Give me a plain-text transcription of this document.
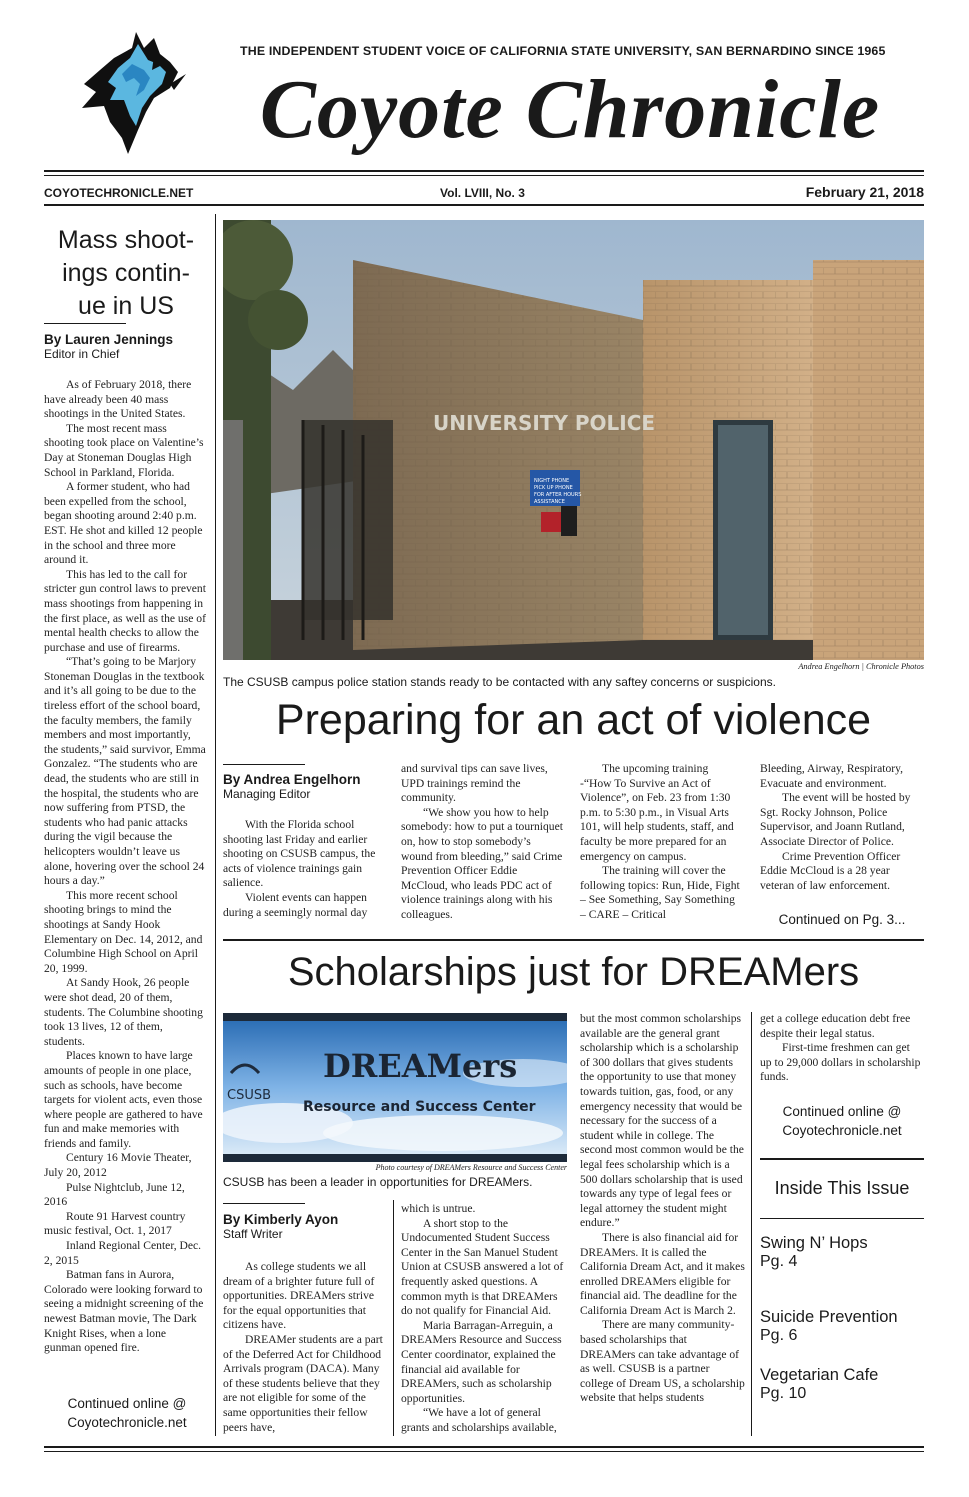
THE INDEPENDENT STUDENT VOICE OF CALIFORNIA STATE UNIVERSITY, SAN BERNARDINO SINCE 1965
Coyote Chronicle
COYOTECHRONICLE.NET	Vol. LVIII, No. 3	February 21, 2018
Mass shoot-
ings contin-
ue in US
By Lauren Jennings
Editor in Chief

As of February 2018, there have already been 40 mass shootings in the United States.

The most recent mass shooting took place on Valentine’s Day at Stoneman Douglas High School in Parkland, Florida.

A former student, who had been expelled from the school, began shooting around 2:40 p.m. EST. He shot and killed 12 people in the school and three more around it.

This has led to the call for stricter gun control laws to prevent mass shootings from happening in the first place, as well as the use of mental health checks to allow the purchase and use of firearms.

“That’s going to be Marjory Stoneman Douglas in the textbook and it’s all going to be due to the tireless effort of the school board, the faculty members, the family members and most importantly, the students,” said survivor, Emma Gonzalez. “The students who are dead, the students who are still in the hospital, the students who are now suffering from PTSD, the students who had panic attacks during the vigil because the helicopters wouldn’t leave us alone, hovering over the school 24 hours a day.”

This more recent school shooting brings to mind the shootings at Sandy Hook Elementary on Dec. 14, 2012, and Columbine High School on April 20, 1999.

At Sandy Hook, 26 people were shot dead, 20 of them, students. The Columbine shooting took 13 lives, 12 of them, students.

Places known to have large amounts of people in one place, such as schools, have become targets for violent acts, even those where people are gathered to have fun and make memories with friends and family.

Century 16 Movie Theater, July 20, 2012

Pulse Nightclub, June 12, 2016

Route 91 Harvest country music festival, Oct. 1, 2017

Inland Regional Center, Dec. 2, 2015

Batman fans in Aurora, Colorado were looking forward to seeing a midnight screening of the newest Batman movie, The Dark Knight Rises, when a lone gunman opened fire.

Continued online @
Coyotechronicle.net
UNIVERSITY POLICE
NIGHT PHONE
PICK UP PHONE
FOR AFTER HOURS
ASSISTANCE
Andrea Engelhorn | Chronicle Photos
The CSUSB campus police station stands ready to be contacted with any saftey concerns or suspicions.
Preparing for an act of violence
By Andrea Engelhorn
Managing Editor

With the Florida school shooting last Friday and earlier shooting on CSUSB campus, the acts of violence trainings gain salience.

Violent events can happen during a seemingly normal day

and survival tips can save lives, UPD trainings remind the community.

“We show you how to help somebody: how to put a tourniquet on, how to stop somebody’s wound from bleeding,” said Crime Prevention Officer Eddie McCloud, who leads PDC act of violence trainings along with his colleagues.

The upcoming training -“How To Survive an Act of Violence”, on Feb. 23 from 1:30 p.m. to 5:30 p.m., in Visual Arts 101, will help students, staff, and faculty be more prepared for an emergency on campus.

The training will cover the following topics: Run, Hide, Fight – See Something, Say Something – CARE – Critical

Bleeding, Airway, Respiratory, Evacuate and environment.

The event will be hosted by Sgt. Rocky Johnson, Police Supervisor, and Joann Rutland, Associate Director of Police.

Crime Prevention Officer Eddie McCloud is a 28 year veteran of law enforcement.

Continued on Pg. 3...
Scholarships just for DREAMers
CSUSB
DREAMers
Resource and Success Center
Photo courtesy of DREAMers Resource and Success Center
CSUSB has been a leader in opportunities for DREAMers.
By Kimberly Ayon
Staff Writer

As college students we all dream of a brighter future full of opportunities. DREAMers strive for the equal opportunities that citizens have.

DREAMer students are a part of the Deferred Act for Childhood Arrivals program (DACA). Many of these students believe that they are not eligible for some of the same opportunities their fellow peers have,

which is untrue.

A short stop to the Undocumented Student Success Center in the San Manuel Student Union at CSUSB answered a lot of frequently asked questions. A common myth is that DREAMers do not qualify for Financial Aid.

Maria Barragan-Arreguin, a DREAMers Resource and Success Center coordinator, explained the financial aid available for DREAMers, such as scholarship opportunities.

“We have a lot of general grants and scholarships available,

but the most common scholarships available are the general grant scholarship which is a scholarship of 300 dollars that gives students the opportunity to use that money towards tuition, gas, food, or any emergency necessity that would be necessary for the success of a student while in college. The second most common would be the legal fees scholarship which is a 500 dollars scholarship that is used towards any type of legal fees or legal attorney the student might endure.”

There is also financial aid for DREAMers. It is called the California Dream Act, and it makes enrolled DREAMers eligible for financial aid. The deadline for the California Dream Act is March 2.

There are many community-based scholarships that DREAMers can take advantage of as well. CSUSB is a partner college of Dream US, a scholarship website that helps students

get a college education debt free despite their legal status.

First-time freshmen can get up to 29,000 dollars in scholarship funds.

Continued online @
Coyotechronicle.net
Inside This Issue
Swing N’ Hops
Pg. 4
Suicide Prevention
Pg. 6
Vegetarian Cafe
Pg. 10
